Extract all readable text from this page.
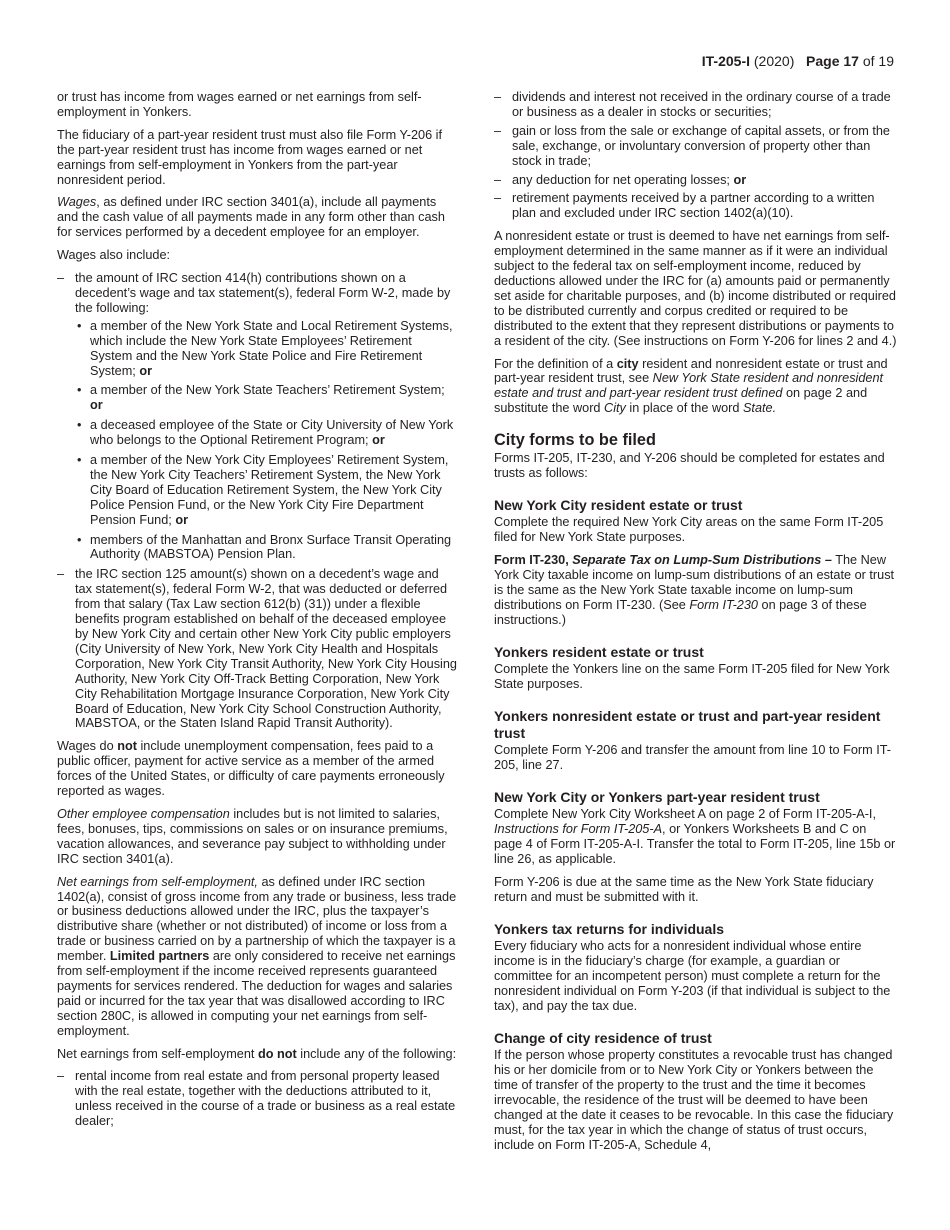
IT-205-I (2020) Page 17 of 19

or trust has income from wages earned or net earnings from self-employment in Yonkers.

The fiduciary of a part-year resident trust must also file Form Y-206 if the part-year resident trust has income from wages earned or net earnings from self-employment in Yonkers from the part-year nonresident period.

Wages, as defined under IRC section 3401(a), include all payments and the cash value of all payments made in any form other than cash for services performed by a decedent employee for an employer.

Wages also include:

– the amount of IRC section 414(h) contributions shown on a decedent’s wage and tax statement(s), federal Form W-2, made by the following:
• a member of the New York State and Local Retirement Systems, which include the New York State Employees’ Retirement System and the New York State Police and Fire Retirement System; or
• a member of the New York State Teachers’ Retirement System; or
• a deceased employee of the State or City University of New York who belongs to the Optional Retirement Program; or
• a member of the New York City Employees’ Retirement System, the New York City Teachers’ Retirement System, the New York City Board of Education Retirement System, the New York City Police Pension Fund, or the New York City Fire Department Pension Fund; or
• members of the Manhattan and Bronx Surface Transit Operating Authority (MABSTOA) Pension Plan.
– the IRC section 125 amount(s) shown on a decedent’s wage and tax statement(s), federal Form W-2, that was deducted or deferred from that salary (Tax Law section 612(b) (31)) under a flexible benefits program established on behalf of the deceased employee by New York City and certain other New York City public employers (City University of New York, New York City Health and Hospitals Corporation, New York City Transit Authority, New York City Housing Authority, New York City Off-Track Betting Corporation, New York City Rehabilitation Mortgage Insurance Corporation, New York City Board of Education, New York City School Construction Authority, MABSTOA, or the Staten Island Rapid Transit Authority).

Wages do not include unemployment compensation, fees paid to a public officer, payment for active service as a member of the armed forces of the United States, or difficulty of care payments erroneously reported as wages.

Other employee compensation includes but is not limited to salaries, fees, bonuses, tips, commissions on sales or on insurance premiums, vacation allowances, and severance pay subject to withholding under IRC section 3401(a).

Net earnings from self-employment, as defined under IRC section 1402(a), consist of gross income from any trade or business, less trade or business deductions allowed under the IRC, plus the taxpayer’s distributive share (whether or not distributed) of income or loss from a trade or business carried on by a partnership of which the taxpayer is a member. Limited partners are only considered to receive net earnings from self-employment if the income received represents guaranteed payments for services rendered. The deduction for wages and salaries paid or incurred for the tax year that was disallowed according to IRC section 280C, is allowed in computing your net earnings from self-employment.

Net earnings from self-employment do not include any of the following:

– rental income from real estate and from personal property leased with the real estate, together with the deductions attributed to it, unless received in the course of a trade or business as a real estate dealer;
– dividends and interest not received in the ordinary course of a trade or business as a dealer in stocks or securities;
– gain or loss from the sale or exchange of capital assets, or from the sale, exchange, or involuntary conversion of property other than stock in trade;
– any deduction for net operating losses; or
– retirement payments received by a partner according to a written plan and excluded under IRC section 1402(a)(10).

A nonresident estate or trust is deemed to have net earnings from self-employment determined in the same manner as if it were an individual subject to the federal tax on self-employment income, reduced by deductions allowed under the IRC for (a) amounts paid or permanently set aside for charitable purposes, and (b) income distributed or required to be distributed currently and corpus credited or required to be distributed to the extent that they represent distributions or payments to a resident of the city. (See instructions on Form Y-206 for lines 2 and 4.)

For the definition of a city resident and nonresident estate or trust and part-year resident trust, see New York State resident and nonresident estate and trust and part-year resident trust defined on page 2 and substitute the word City in place of the word State.

City forms to be filed

Forms IT-205, IT-230, and Y-206 should be completed for estates and trusts as follows:

New York City resident estate or trust

Complete the required New York City areas on the same Form IT-205 filed for New York State purposes.

Form IT-230, Separate Tax on Lump-Sum Distributions – The New York City taxable income on lump-sum distributions of an estate or trust is the same as the New York State taxable income on lump-sum distributions on Form IT-230. (See Form IT-230 on page 3 of these instructions.)

Yonkers resident estate or trust

Complete the Yonkers line on the same Form IT-205 filed for New York State purposes.

Yonkers nonresident estate or trust and part-year resident trust

Complete Form Y-206 and transfer the amount from line 10 to Form IT-205, line 27.

New York City or Yonkers part-year resident trust

Complete New York City Worksheet A on page 2 of Form IT-205-A-I, Instructions for Form IT-205-A, or Yonkers Worksheets B and C on page 4 of Form IT-205-A-I. Transfer the total to Form IT-205, line 15b or line 26, as applicable.

Form Y-206 is due at the same time as the New York State fiduciary return and must be submitted with it.

Yonkers tax returns for individuals

Every fiduciary who acts for a nonresident individual whose entire income is in the fiduciary’s charge (for example, a guardian or committee for an incompetent person) must complete a return for the nonresident individual on Form Y-203 (if that individual is subject to the tax), and pay the tax due.

Change of city residence of trust

If the person whose property constitutes a revocable trust has changed his or her domicile from or to New York City or Yonkers between the time of transfer of the property to the trust and the time it becomes irrevocable, the residence of the trust will be deemed to have been changed at the date it ceases to be revocable. In this case the fiduciary must, for the tax year in which the change of status of trust occurs, include on Form IT-205-A, Schedule 4,
